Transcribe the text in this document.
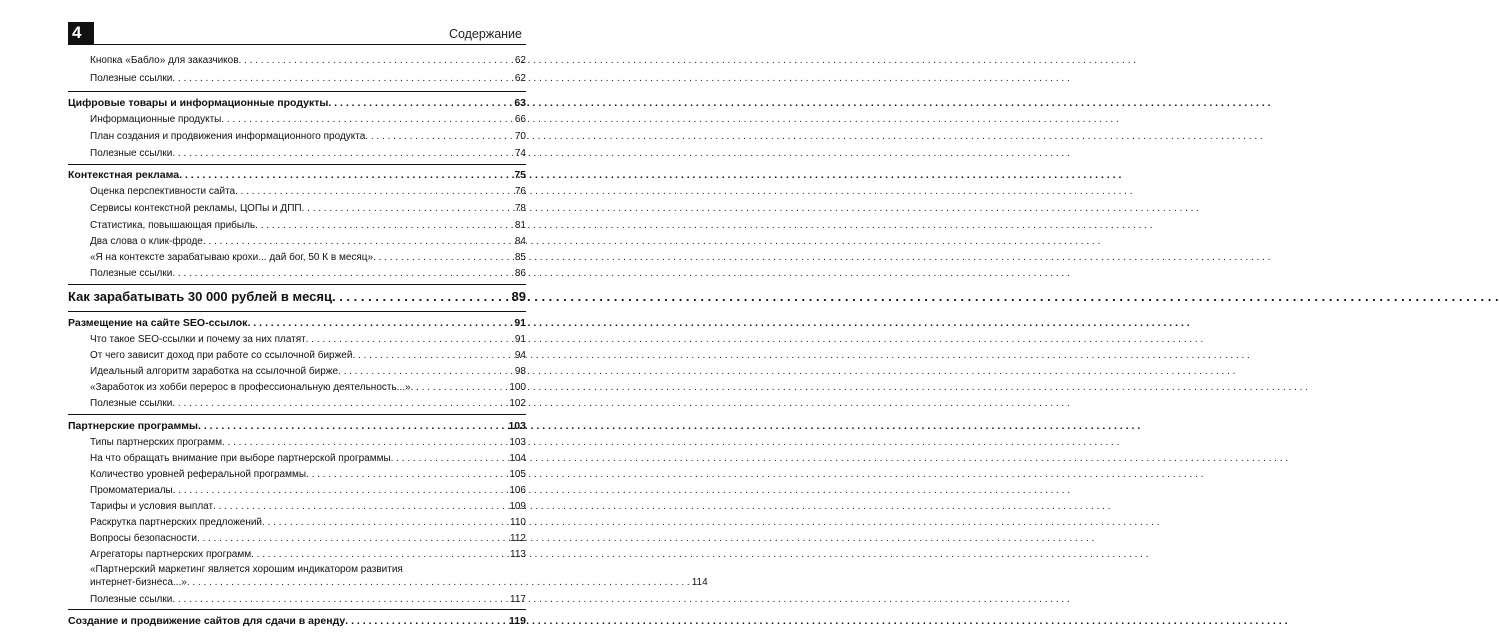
4	Содержание
Кнопка «Бабло» для заказчиков . . .	62
Полезные ссылки . . .	62
Цифровые товары и информационные продукты . . .	63
Информационные продукты . . .	66
План создания и продвижения информационного продукта . . .	70
Полезные ссылки . . .	74
Контекстная реклама . . .	75
Оценка перспективности сайта . . .	76
Сервисы контекстной рекламы, ЦОПы и ДПП . . .	78
Статистика, повышающая прибыль . . .	81
Два слова о клик-фроде . . .	84
«Я на контексте зарабатываю крохи... дай бог, 50 К в месяц» . . .	85
Полезные ссылки . . .	86
Как зарабатывать 30 000 рублей в месяц . . .	89
Размещение на сайте SEO-ссылок . . .	91
Что такое SEO-ссылки и почему за них платят . . .	91
От чего зависит доход при работе со ссылочной биржей . . .	94
Идеальный алгоритм заработка на ссылочной бирже . . .	98
«Заработок из хобби перерос в профессиональную деятельность...» . . .	100
Полезные ссылки . . .	102
Партнерские программы . . .	103
Типы партнерских программ . . .	103
На что обращать внимание при выборе партнерской программы . . .	104
Количество уровней реферальной программы . . .	105
Промоматериалы . . .	106
Тарифы и условия выплат . . .	109
Раскрутка партнерских предложений . . .	110
Вопросы безопасности . . .	112
Агрегаторы партнерских программ . . .	113
«Партнерский маркетинг является хорошим индикатором развития
интернет-бизнеса...» . . .	114
Полезные ссылки . . .	117
Создание и продвижение сайтов для сдачи в аренду . . .	119
